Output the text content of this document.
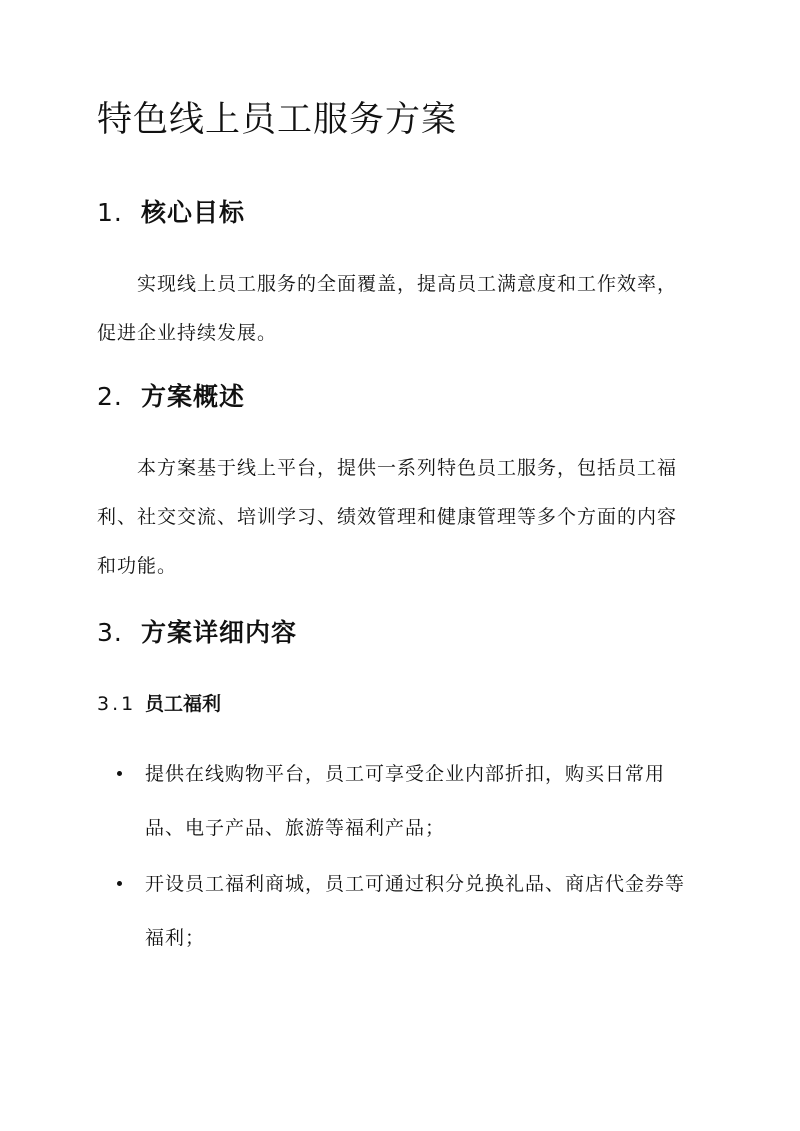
特色线上员工服务方案
1. 核心目标

实现线上员工服务的全面覆盖，提高员工满意度和工作效率，促进企业持续发展。

2. 方案概述

本方案基于线上平台，提供一系列特色员工服务，包括员工福利、社交交流、培训学习、绩效管理和健康管理等多个方面的内容和功能。

3. 方案详细内容
3.1 员工福利
提供在线购物平台，员工可享受企业内部折扣，购买日常用品、电子产品、旅游等福利产品；
开设员工福利商城，员工可通过积分兑换礼品、商店代金券等福利；
